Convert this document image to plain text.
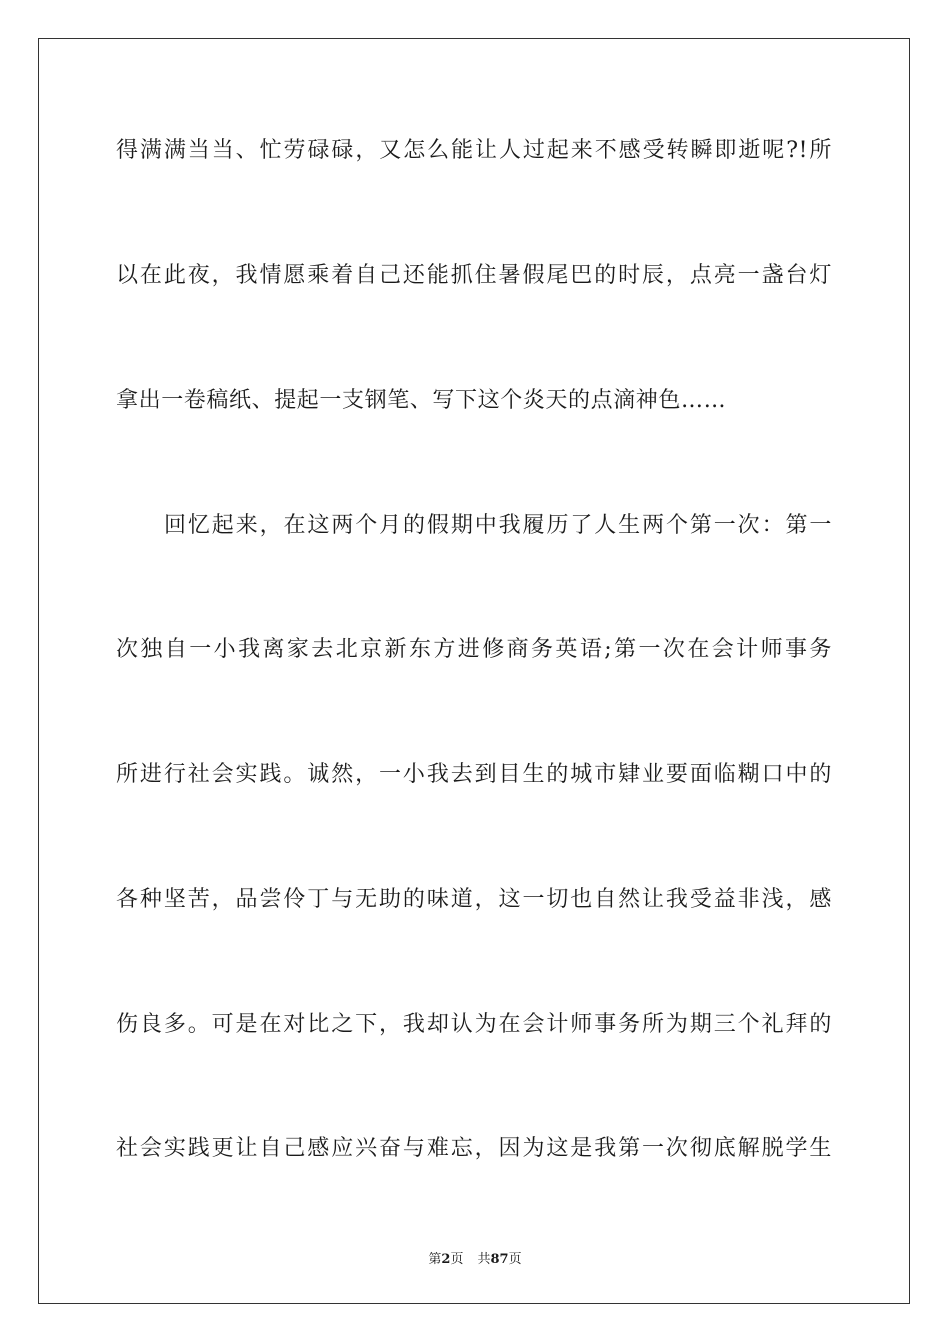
得满满当当、忙劳碌碌，又怎么能让人过起来不感受转瞬即逝呢?!所
以在此夜，我情愿乘着自己还能抓住暑假尾巴的时辰，点亮一盏台灯
拿出一卷稿纸、提起一支钢笔、写下这个炎天的点滴神色……
回忆起来，在这两个月的假期中我履历了人生两个第一次：第一
次独自一小我离家去北京新东方进修商务英语;第一次在会计师事务
所进行社会实践。诚然，一小我去到目生的城市肄业要面临糊口中的
各种坚苦，品尝伶丁与无助的味道，这一切也自然让我受益非浅，感
伤良多。可是在对比之下，我却认为在会计师事务所为期三个礼拜的
社会实践更让自己感应兴奋与难忘，因为这是我第一次彻底解脱学生
第2页 共87页
